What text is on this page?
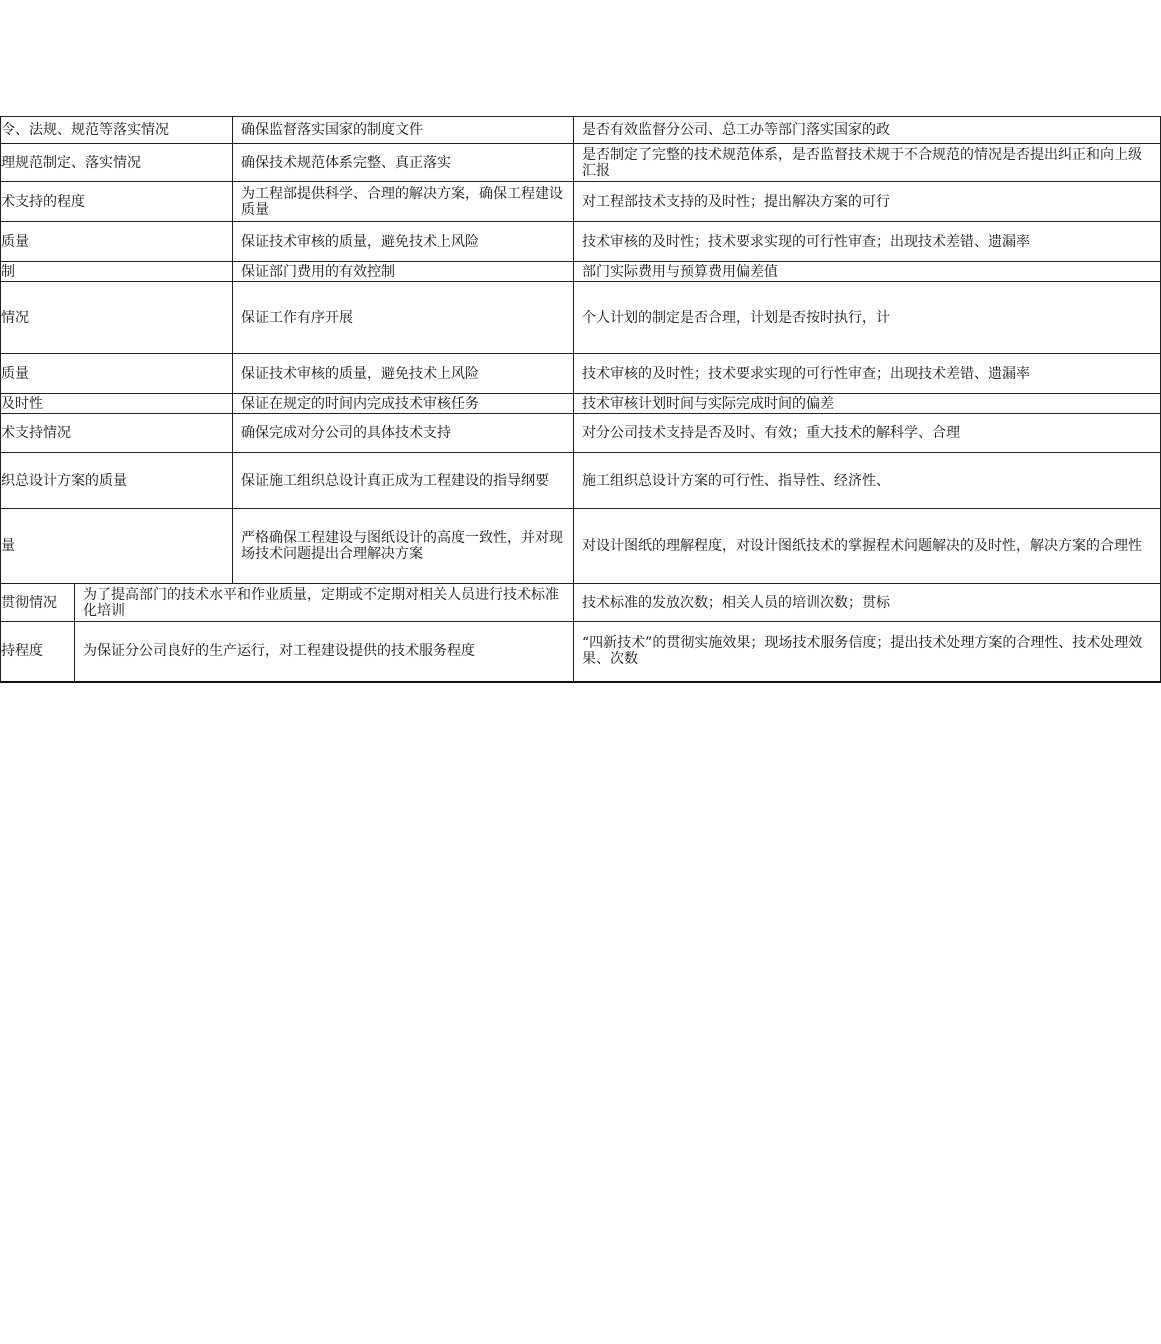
令、法规、规范等落实情况		确保监督落实国家的制度文件	是否有效监督分公司、总工办等部门落实国家的政
理规范制定、落实情况		确保技术规范体系完整、真正落实	是否制定了完整的技术规范体系，是否监督技术规于不合规范的情况是否提出纠正和向上级汇报
术支持的程度		为工程部提供科学、合理的解决方案，确保工程建设质量	对工程部技术支持的及时性；提出解决方案的可行
质量		保证技术审核的质量，避免技术上风险	技术审核的及时性；技术要求实现的可行性审查；出现技术差错、遗漏率
制		保证部门费用的有效控制	部门实际费用与预算费用偏差值
情况		保证工作有序开展	个人计划的制定是否合理，计划是否按时执行，计
质量		保证技术审核的质量，避免技术上风险	技术审核的及时性；技术要求实现的可行性审查；出现技术差错、遗漏率
及时性		保证在规定的时间内完成技术审核任务	技术审核计划时间与实际完成时间的偏差
术支持情况		确保完成对分公司的具体技术支持	对分公司技术支持是否及时、有效；重大技术的解科学、合理
织总设计方案的质量		保证施工组织总设计真正成为工程建设的指导纲要	施工组织总设计方案的可行性、指导性、经济性、
量		严格确保工程建设与图纸设计的高度一致性，并对现场技术问题提出合理解决方案	对设计图纸的理解程度，对设计图纸技术的掌握程术问题解决的及时性，解决方案的合理性
贯彻情况	为了提高部门的技术水平和作业质量，定期或不定期对相关人员进行技术标准化培训		技术标准的发放次数；相关人员的培训次数；贯标
持程度	为保证分公司良好的生产运行，对工程建设提供的技术服务程度		“四新技术”的贯彻实施效果；现场技术服务信度；提出技术处理方案的合理性、技术处理效果、次数
